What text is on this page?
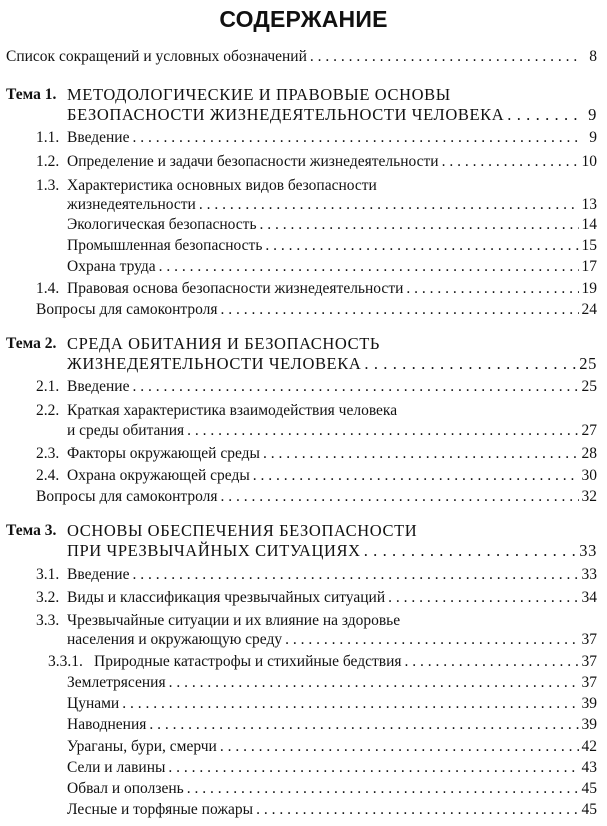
СОДЕРЖАНИЕ
Список сокращений и условных обозначений . . .	8
Тема 1. МЕТОДОЛОГИЧЕСКИЕ И ПРАВОВЫЕ ОСНОВЫ
БЕЗОПАСНОСТИ ЖИЗНЕДЕЯТЕЛЬНОСТИ ЧЕЛОВЕКА . . .	9
1.1. Введение . . .	9
1.2. Определение и задачи безопасности жизнедеятельности . . .	10
1.3. Характеристика основных видов безопасности
жизнедеятельности . . .	13
Экологическая безопасность . . .	14
Промышленная безопасность . . .	15
Охрана труда . . .	17
1.4. Правовая основа безопасности жизнедеятельности . . .	19
Вопросы для самоконтроля . . .	24
Тема 2. СРЕДА ОБИТАНИЯ И БЕЗОПАСНОСТЬ
ЖИЗНЕДЕЯТЕЛЬНОСТИ ЧЕЛОВЕКА . . .	25
2.1. Введение . . .	25
2.2. Краткая характеристика взаимодействия человека
и среды обитания . . .	27
2.3. Факторы окружающей среды . . .	28
2.4. Охрана окружающей среды . . .	30
Вопросы для самоконтроля . . .	32
Тема 3. ОСНОВЫ ОБЕСПЕЧЕНИЯ БЕЗОПАСНОСТИ
ПРИ ЧРЕЗВЫЧАЙНЫХ СИТУАЦИЯХ . . .	33
3.1. Введение . . .	33
3.2. Виды и классификация чрезвычайных ситуаций . . .	34
3.3. Чрезвычайные ситуации и их влияние на здоровье
населения и окружающую среду . . .	37
3.3.1. Природные катастрофы и стихийные бедствия . . .	37
Землетрясения . . .	37
Цунами . . .	39
Наводнения . . .	39
Ураганы, бури, смерчи . . .	42
Сели и лавины . . .	43
Обвал и оползень . . .	45
Лесные и торфяные пожары . . .	45
